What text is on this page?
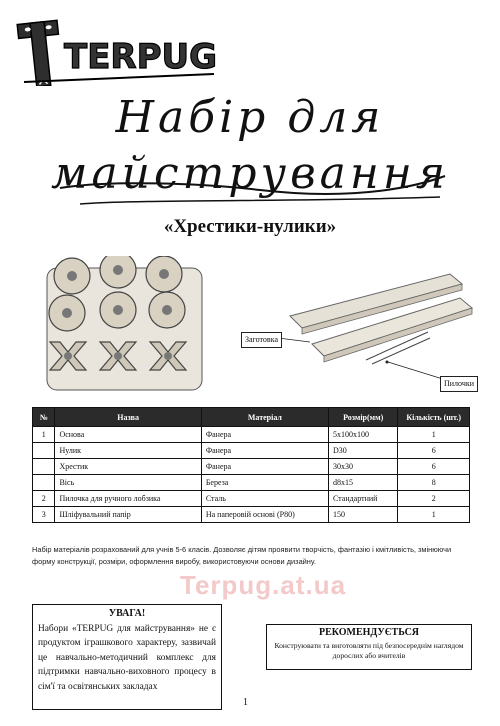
TERPUG
Набір для
майстрування
«Хрестики-нулики»
Заготовка
Пилочки
№	Назва	Матеріал	Розмір(мм)	Кількість (шт.)
1	Основа	Фанера	5x100x100	1
	Нулик	Фанера	D30	6
	Хрестик	Фанера	30x30	6
	Вісь	Береза	d8x15	8
2	Пилочка для ручного лобзика	Сталь	Стандартний	2
3	Шліфувальний папір	На паперовій основі (Р80)	150	1
Набір матеріалів розрахований для учнів 5-6 класів. Дозволяє дітям проявити творчість, фантазію і кмітливість, змінюючи форму конструкції, розміри, оформлення виробу, використовуючи основи дизайну.
Terpug.at.ua
УВАГА!
Набори «TERPUG для майстрування» не є продуктом іграшкового характеру, зазвичай це навчально-методичний комплекс для підтримки навчально-виховного процесу в сім'ї та освітянських закладах
РЕКОМЕНДУЄТЬСЯ
Конструювати та виготовляти під безпосереднім наглядом дорослих або вчителів
1
